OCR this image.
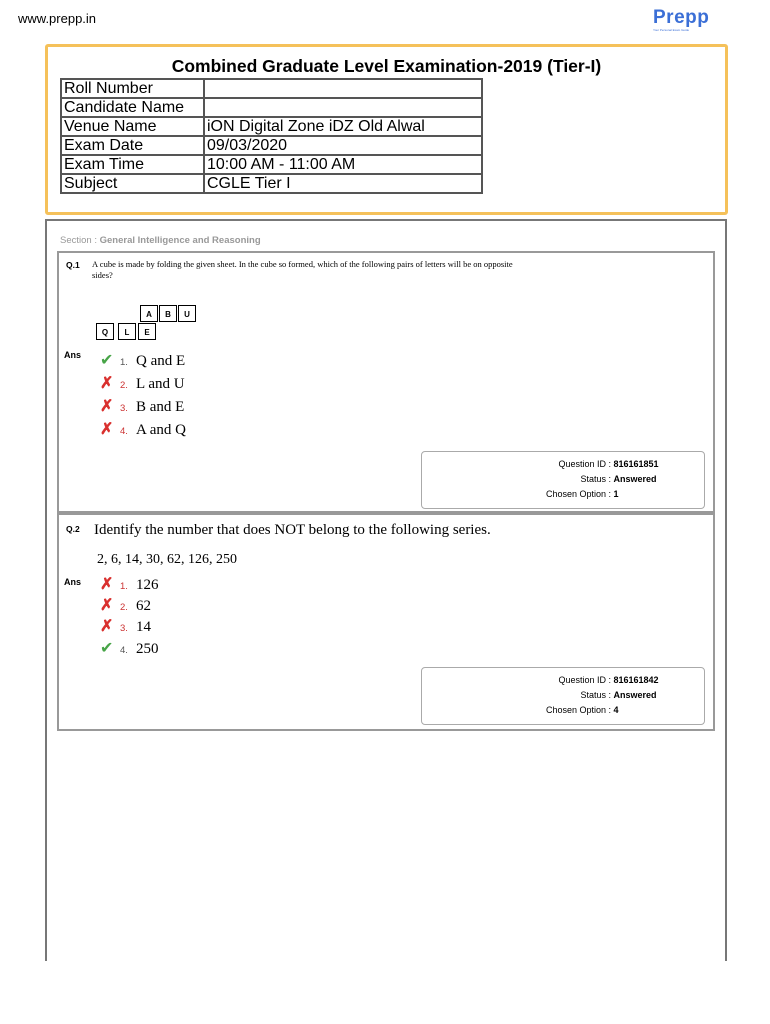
www.prepp.in	Prepp
Your Personal Exam Guide
Combined Graduate Level Examination-2019 (Tier-I)
Roll Number	
Candidate Name	
Venue Name	iON Digital Zone iDZ Old Alwal
Exam Date	09/03/2020
Exam Time	10:00 AM - 11:00 AM
Subject	CGLE Tier I
Section : General Intelligence and Reasoning
Q.1 A cube is made by folding the given sheet. In the cube so formed, which of the following pairs of letters will be on opposite sides?
A	B	U
Q	L	E
Ans ✔ 1. Q and E
✗ 2. L and U
✗ 3. B and E
✗ 4. A and Q
Question ID : 816161851
Status : Answered
Chosen Option : 1
Q.2 Identify the number that does NOT belong to the following series.
2, 6, 14, 30, 62, 126, 250
Ans ✗ 1. 126
✗ 2. 62
✗ 3. 14
✔ 4. 250
Question ID : 816161842
Status : Answered
Chosen Option : 4
